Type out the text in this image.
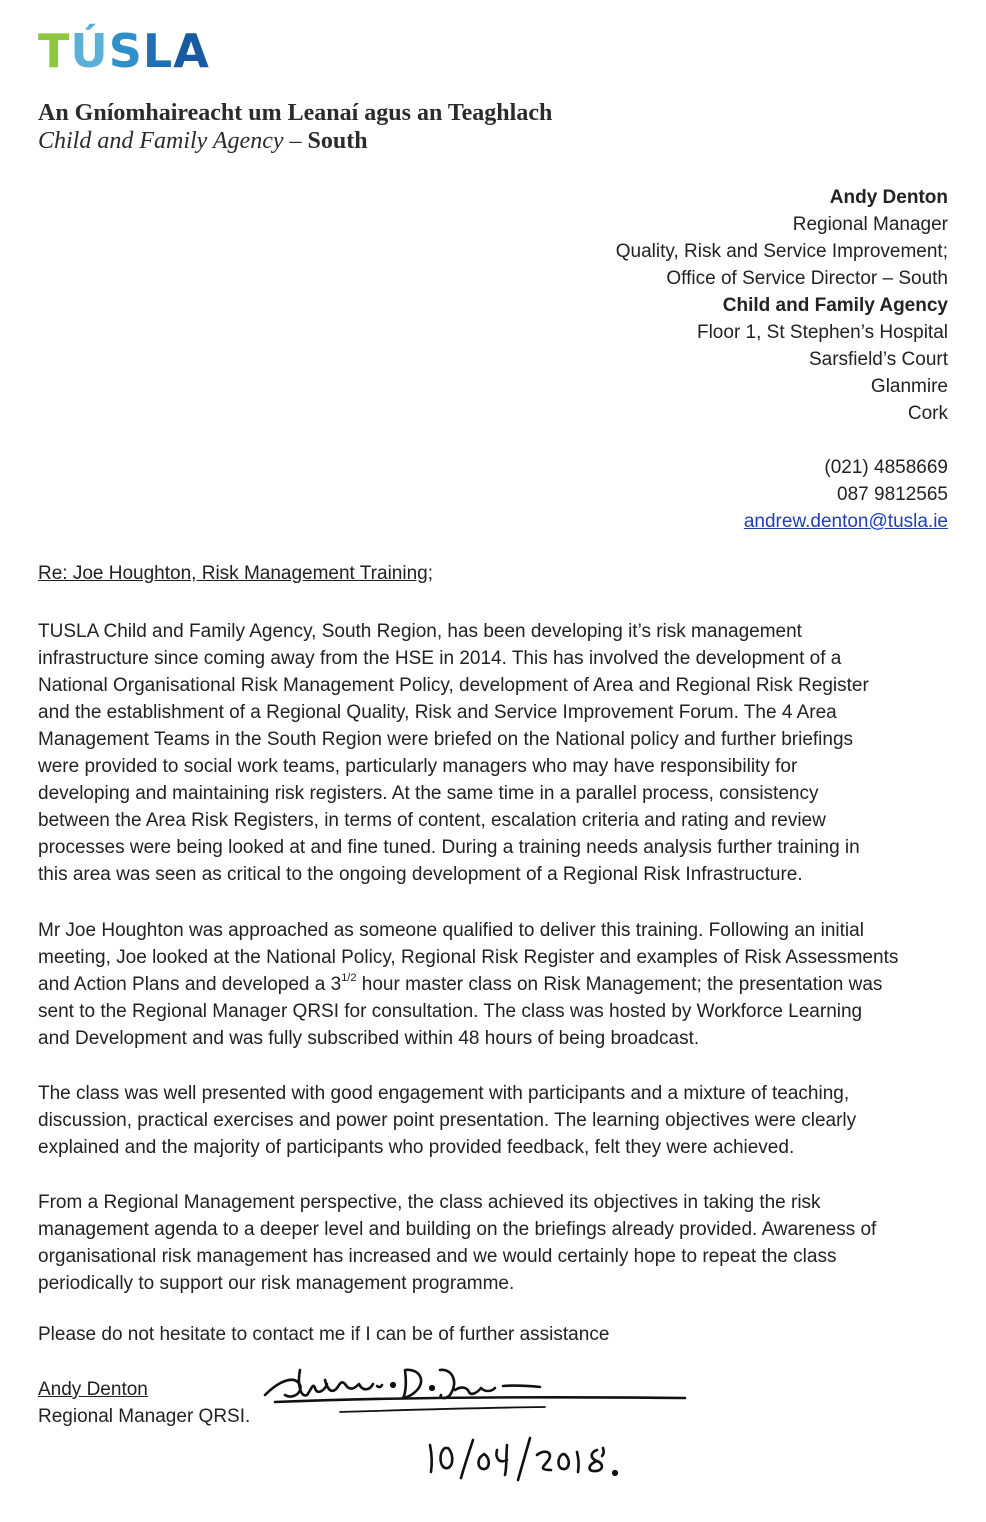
TÚSLA
An Gníomhaireacht um Leanaí agus an Teaghlach
Child and Family Agency – South
Andy Denton
Regional Manager
Quality, Risk and Service Improvement;
Office of Service Director – South
Child and Family Agency
Floor 1, St Stephen’s Hospital
Sarsfield’s Court
Glanmire
Cork
(021) 4858669
087 9812565
andrew.denton@tusla.ie
Re: Joe Houghton, Risk Management Training;
TUSLA Child and Family Agency, South Region, has been developing it’s risk management
infrastructure since coming away from the HSE in 2014. This has involved the development of a
National Organisational Risk Management Policy, development of Area and Regional Risk Register
and the establishment of a Regional Quality, Risk and Service Improvement Forum. The 4 Area
Management Teams in the South Region were briefed on the National policy and further briefings
were provided to social work teams, particularly managers who may have responsibility for
developing and maintaining risk registers. At the same time in a parallel process, consistency
between the Area Risk Registers, in terms of content, escalation criteria and rating and review
processes were being looked at and fine tuned. During a training needs analysis further training in
this area was seen as critical to the ongoing development of a Regional Risk Infrastructure.
Mr Joe Houghton was approached as someone qualified to deliver this training. Following an initial
meeting, Joe looked at the National Policy, Regional Risk Register and examples of Risk Assessments
and Action Plans and developed a $3^{1/2}$ hour master class on Risk Management; the presentation was
sent to the Regional Manager QRSI for consultation. The class was hosted by Workforce Learning
and Development and was fully subscribed within 48 hours of being broadcast.
The class was well presented with good engagement with participants and a mixture of teaching,
discussion, practical exercises and power point presentation. The learning objectives were clearly
explained and the majority of participants who provided feedback, felt they were achieved.
From a Regional Management perspective, the class achieved its objectives in taking the risk
management agenda to a deeper level and building on the briefings already provided. Awareness of
organisational risk management has increased and we would certainly hope to repeat the class
periodically to support our risk management programme.
Please do not hesitate to contact me if I can be of further assistance
Andy Denton
Regional Manager QRSI.
